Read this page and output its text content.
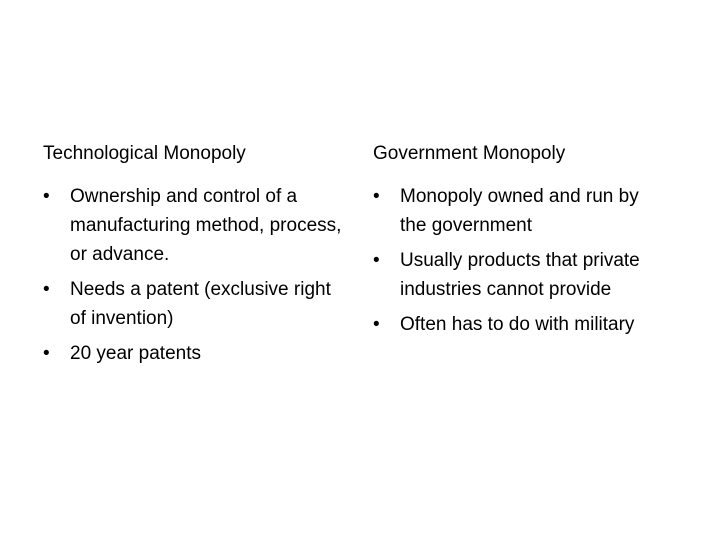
Technological Monopoly
•	Ownership and control of a manufacturing method, process, or advance.
•	Needs a patent (exclusive right of invention)
•	20 year patents
Government Monopoly
•	Monopoly owned and run by the government
•	Usually products that private industries cannot provide
•	Often has to do with military
